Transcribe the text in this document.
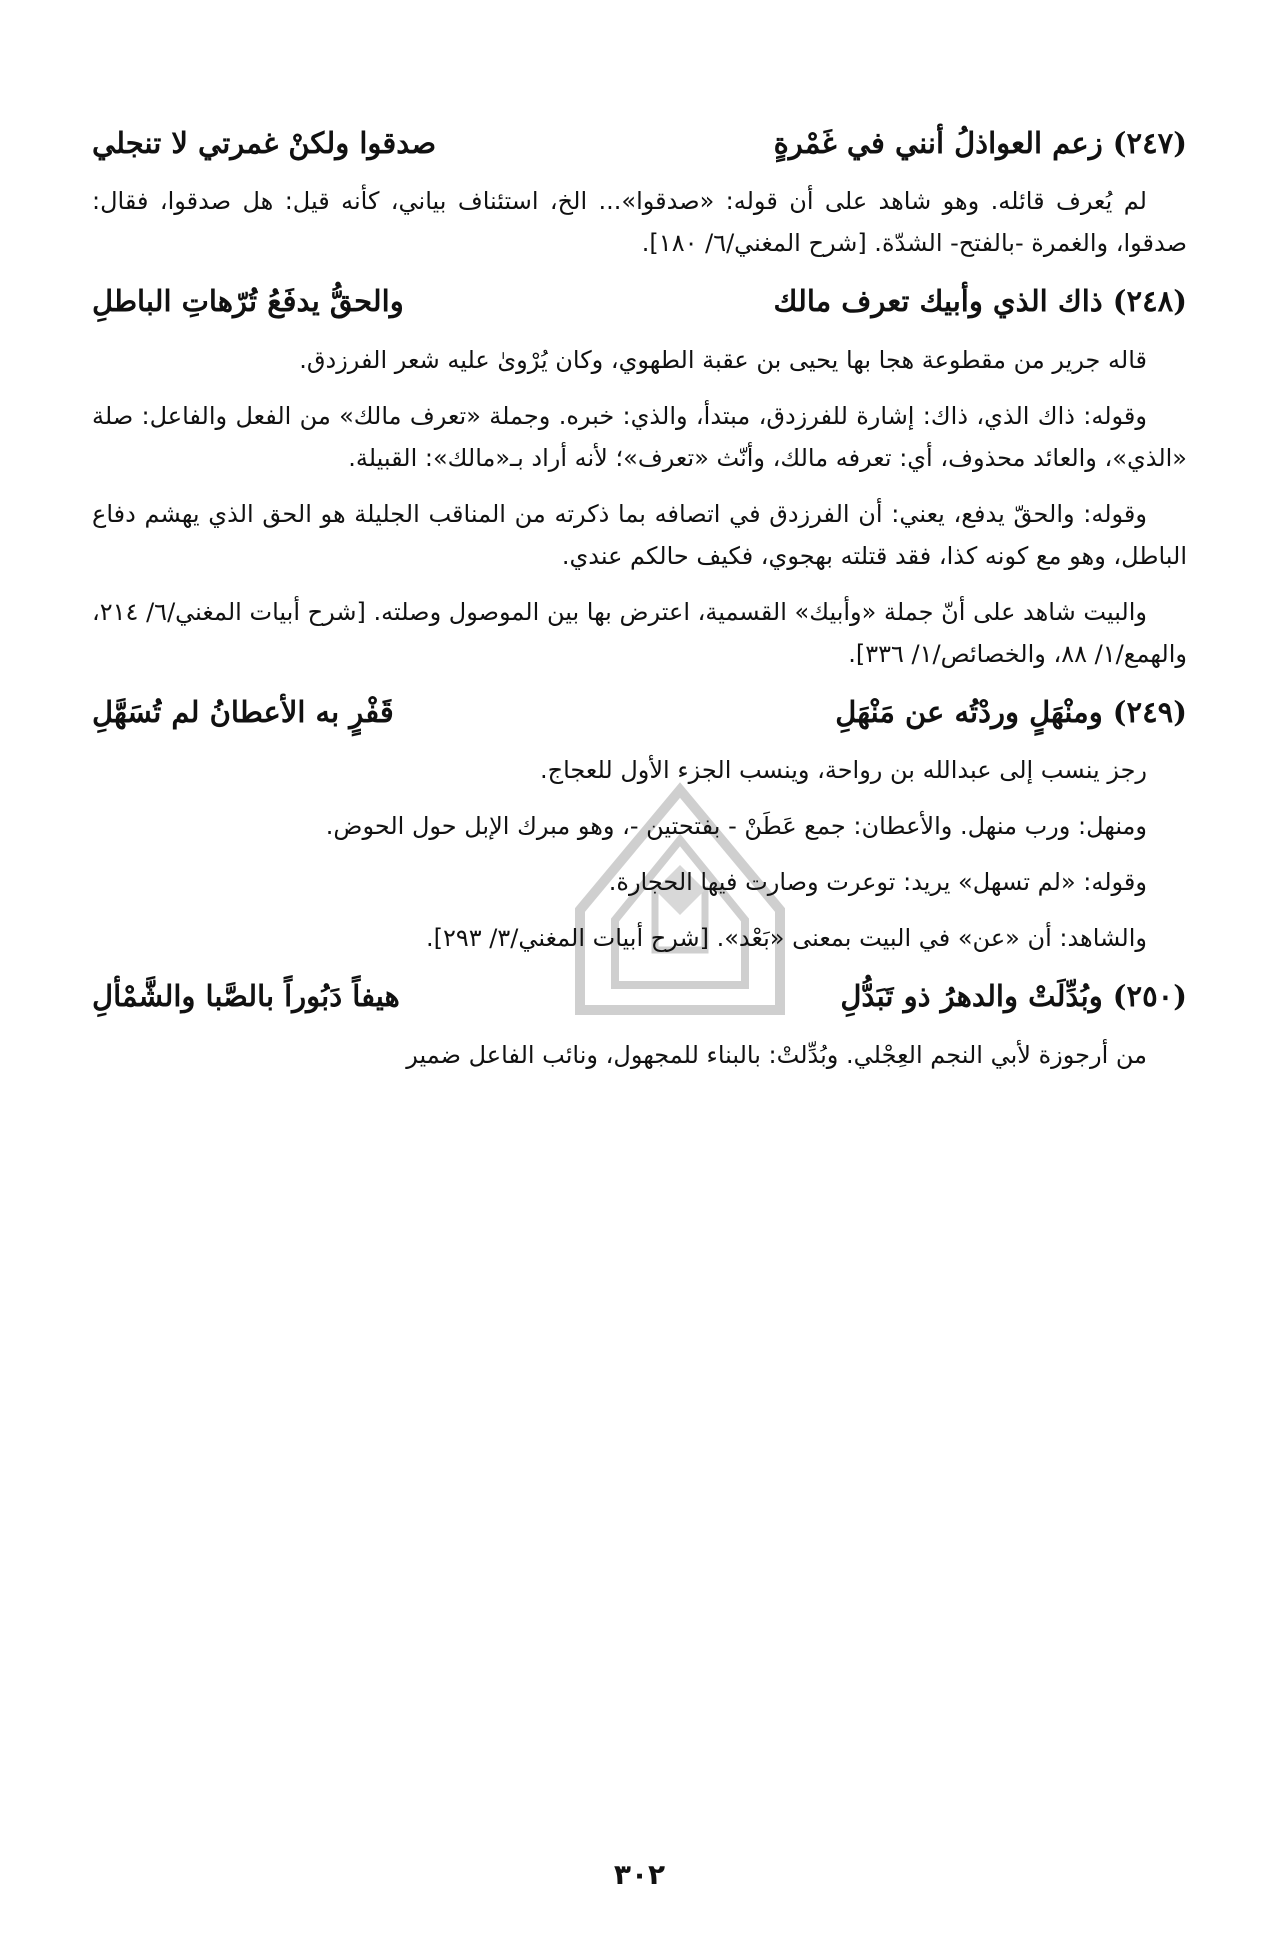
(٢٤٧) زعم العواذلُ أنني في غَمْرةٍ
صدقوا ولكنْ غمرتي لا تنجلي

لم يُعرف قائله. وهو شاهد على أن قوله: «صدقوا»... الخ، استئناف بياني، كأنه قيل: هل صدقوا، فقال: صدقوا، والغمرة -بالفتح- الشدّة. [شرح المغني/٦/ ١٨٠].

(٢٤٨) ذاك الذي وأبيك تعرف مالك
والحقُّ يدفَعُ تُرّهاتِ الباطلِ

قاله جرير من مقطوعة هجا بها يحيى بن عقبة الطهوي، وكان يُرْوىٰ عليه شعر الفرزدق.

وقوله: ذاك الذي، ذاك: إشارة للفرزدق، مبتدأ، والذي: خبره. وجملة «تعرف مالك» من الفعل والفاعل: صلة «الذي»، والعائد محذوف، أي: تعرفه مالك، وأنّث «تعرف»؛ لأنه أراد بـ«مالك»: القبيلة.

وقوله: والحقّ يدفع، يعني: أن الفرزدق في اتصافه بما ذكرته من المناقب الجليلة هو الحق الذي يهشم دفاع الباطل، وهو مع كونه كذا، فقد قتلته بهجوي، فكيف حالكم عندي.

والبيت شاهد على أنّ جملة «وأبيك» القسمية، اعترض بها بين الموصول وصلته. [شرح أبيات المغني/٦/ ٢١٤، والهمع/١/ ٨٨، والخصائص/١/ ٣٣٦].

(٢٤٩) ومنْهَلٍ وردْتُه عن مَنْهَلِ
قَفْرٍ به الأعطانُ لم تُسَهَّلِ

رجز ينسب إلى عبدالله بن رواحة، وينسب الجزء الأول للعجاج.

ومنهل: ورب منهل. والأعطان: جمع عَطَنْ - بفتحتين -، وهو مبرك الإبل حول الحوض.

وقوله: «لم تسهل» يريد: توعرت وصارت فيها الحجارة.

والشاهد: أن «عن» في البيت بمعنى «بَعْد». [شرح أبيات المغني/٣/ ٢٩٣].

(٢٥٠) وبُدِّلَتْ والدهرُ ذو تَبَدُّلِ
هيفاً دَبُوراً بالصَّبا والشَّمْألِ

من أرجوزة لأبي النجم العِجْلي. وبُدِّلتْ: بالبناء للمجهول، ونائب الفاعل ضمير

٣٠٢
